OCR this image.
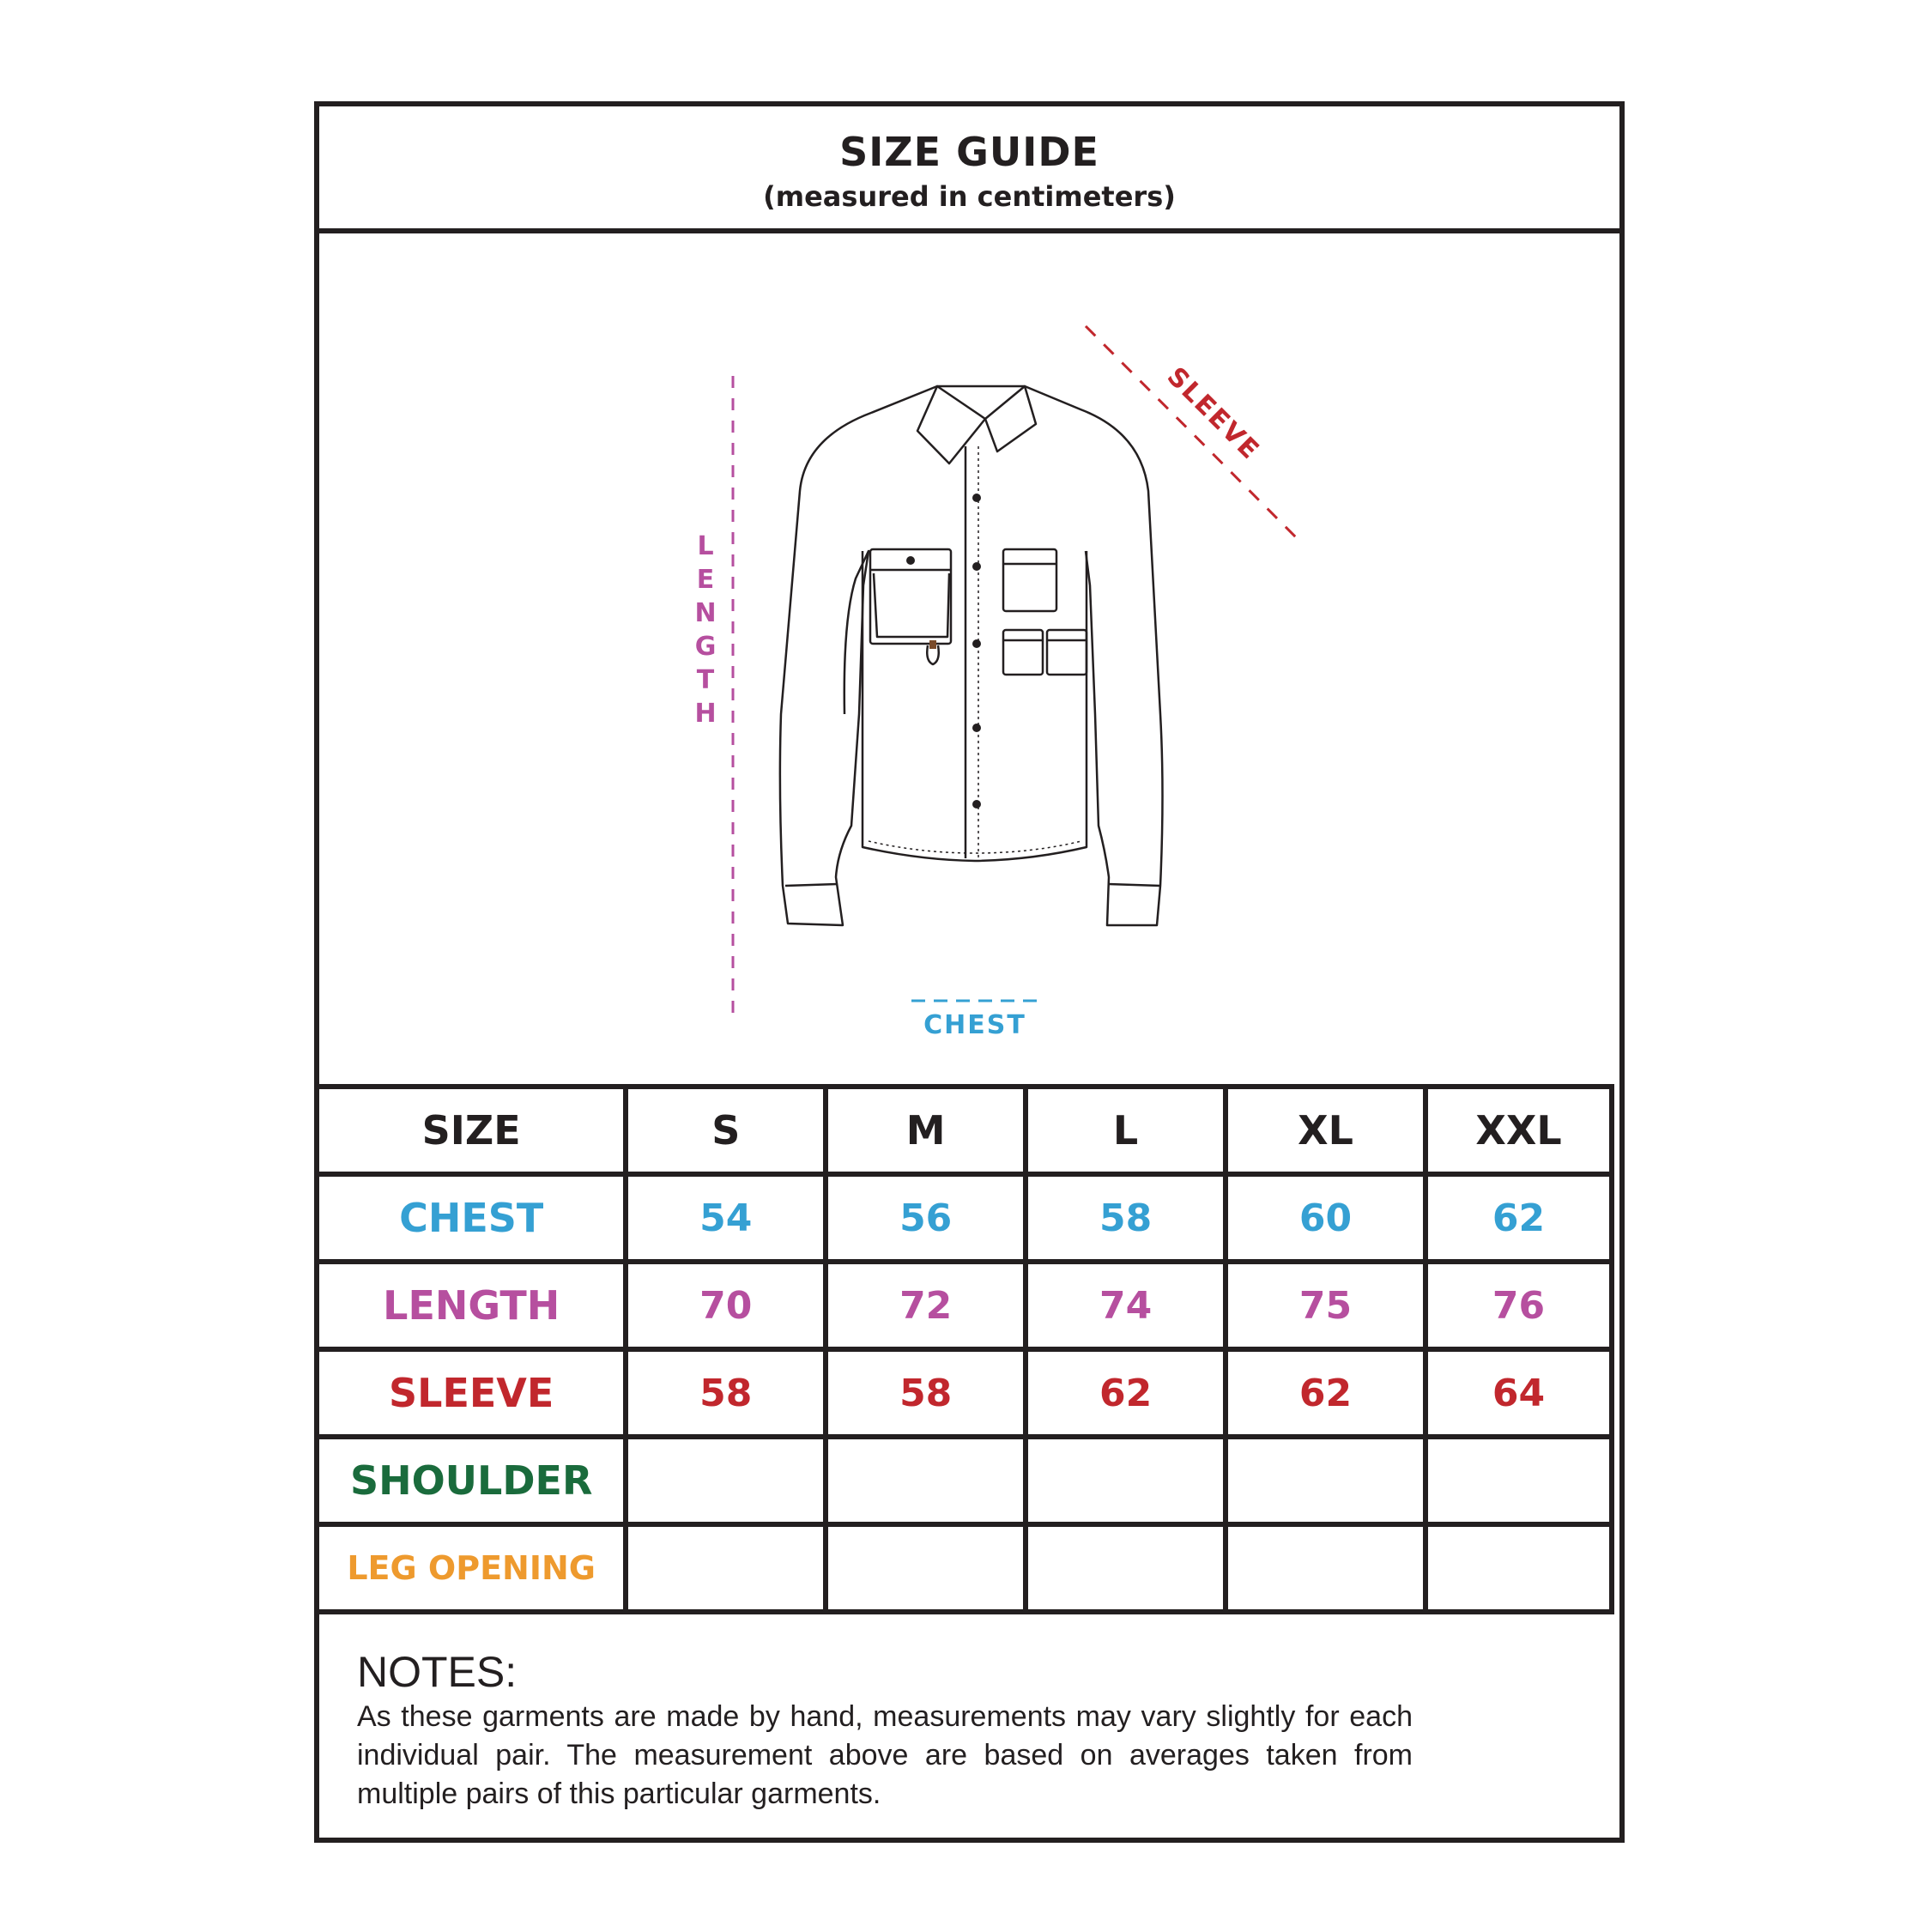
SIZE GUIDE
(measured in centimeters)
LENGTH
SLEEVE
CHEST
SIZE	S	M	L	XL	XXL
CHEST	54	56	58	60	62
LENGTH	70	72	74	75	76
SLEEVE	58	58	62	62	64
SHOULDER					
LEG OPENING					
NOTES:
As these garments are made by hand, measurements may vary slightly for each individual pair. The measurement above are based on averages taken from multiple pairs of this particular garments.
